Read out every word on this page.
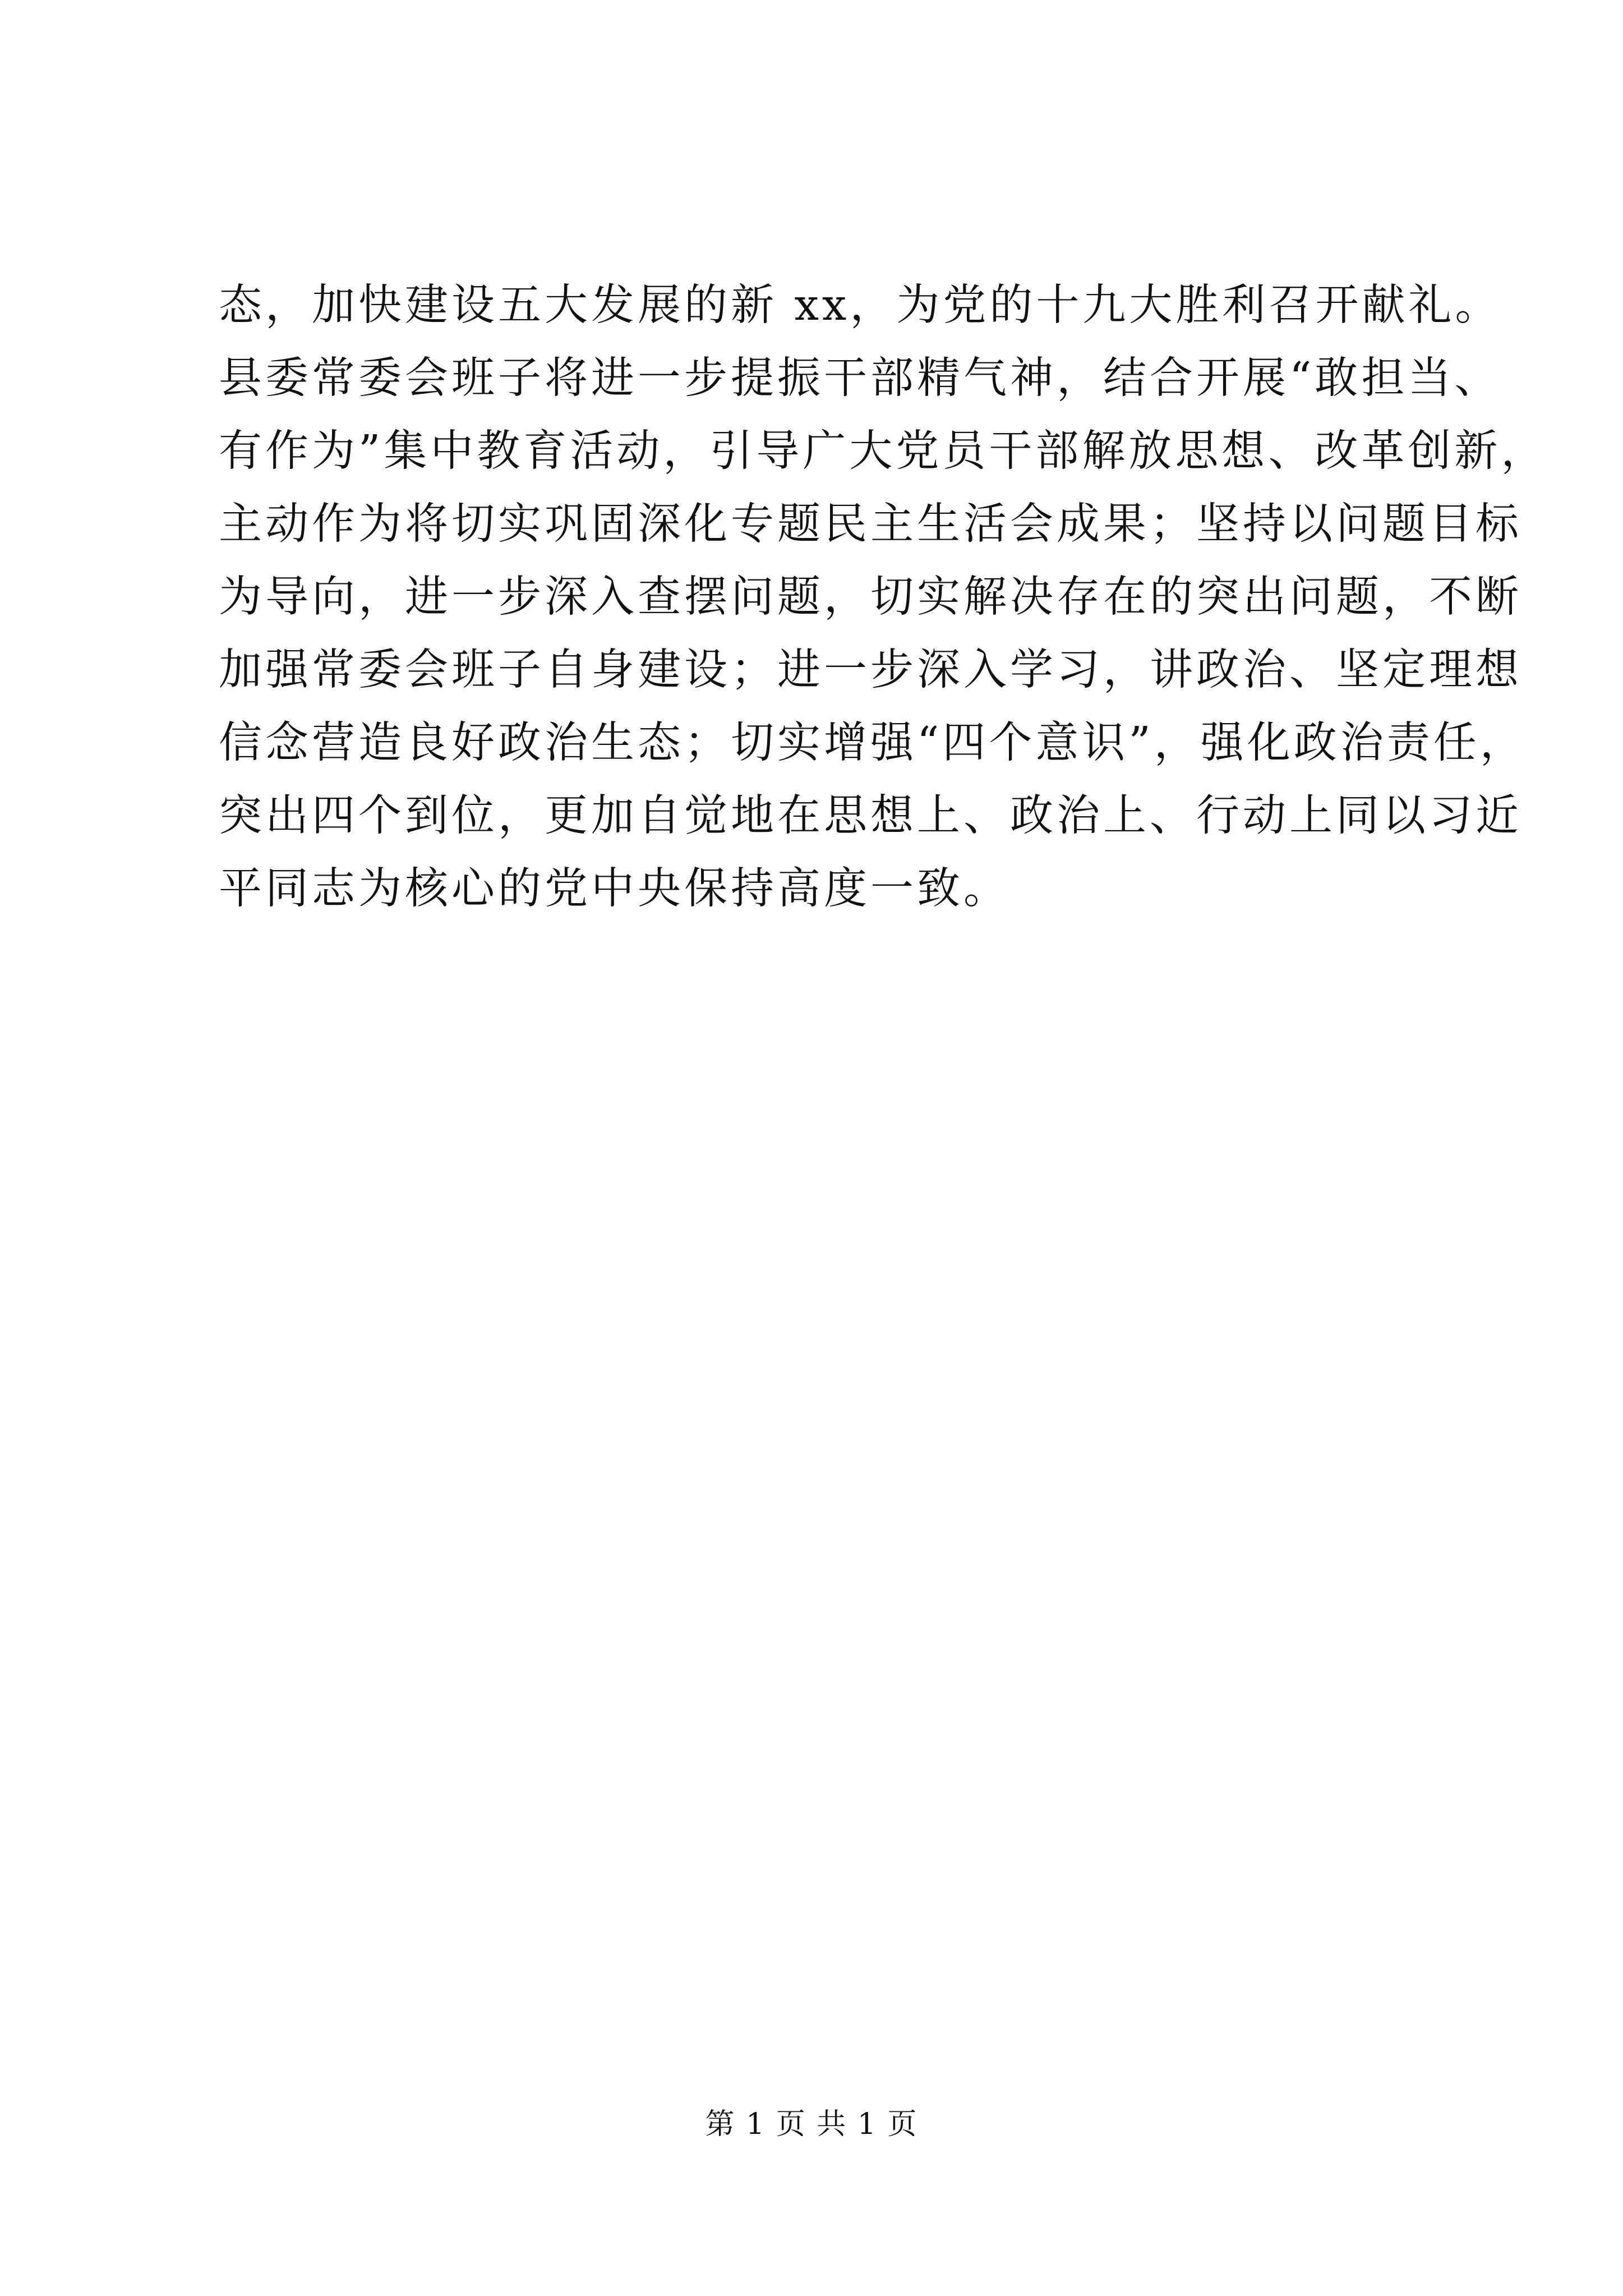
态，加快建设五大发展的新 xx，为党的十九大胜利召开献礼。
县委常委会班子将进一步提振干部精气神，结合开展“敢担当、
有作为”集中教育活动，引导广大党员干部解放思想、改革创新，
主动作为将切实巩固深化专题民主生活会成果；坚持以问题目标
为导向，进一步深入查摆问题，切实解决存在的突出问题，不断
加强常委会班子自身建设；进一步深入学习，讲政治、坚定理想
信念营造良好政治生态；切实增强“四个意识”，强化政治责任，
突出四个到位，更加自觉地在思想上、政治上、行动上同以习近
平同志为核心的党中央保持高度一致。
第 1 页 共 1 页
